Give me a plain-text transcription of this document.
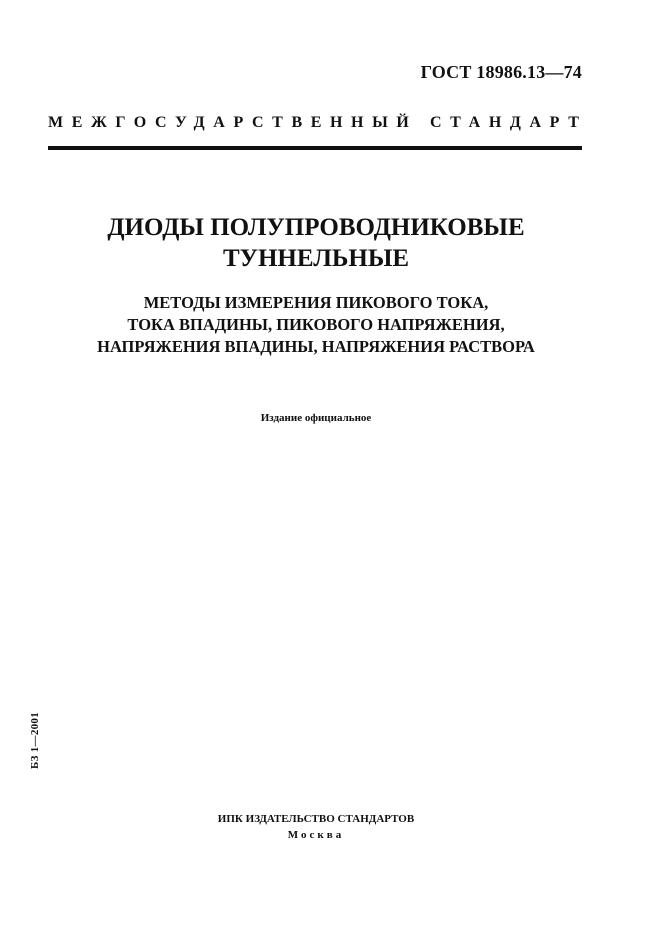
ГОСТ 18986.13—74
МЕЖГОСУДАРСТВЕННЫЙ СТАНДАРТ
ДИОДЫ ПОЛУПРОВОДНИКОВЫЕ
ТУННЕЛЬНЫЕ
МЕТОДЫ ИЗМЕРЕНИЯ ПИКОВОГО ТОКА,
ТОКА ВПАДИНЫ, ПИКОВОГО НАПРЯЖЕНИЯ,
НАПРЯЖЕНИЯ ВПАДИНЫ, НАПРЯЖЕНИЯ РАСТВОРА
Издание официальное
БЗ 1—2001
ИПК ИЗДАТЕЛЬСТВО СТАНДАРТОВ
Москва
